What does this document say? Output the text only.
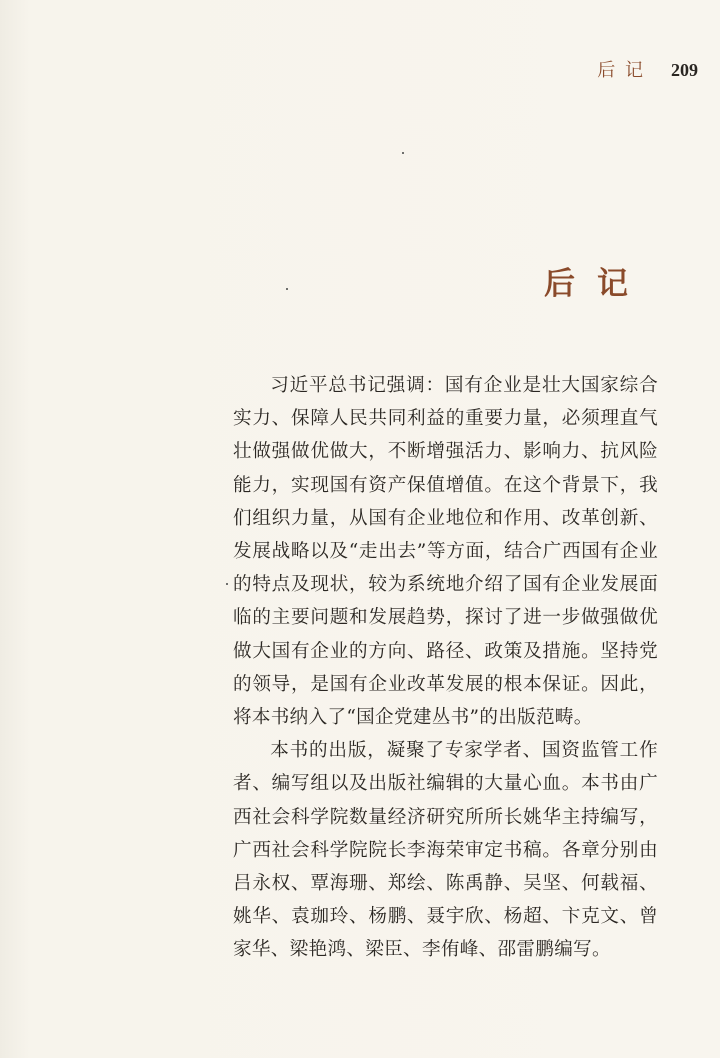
后 记 209
后记

习近平总书记强调：国有企业是壮大国家综合实力、保障人民共同利益的重要力量，必须理直气壮做强做优做大，不断增强活力、影响力、抗风险能力，实现国有资产保值增值。在这个背景下，我们组织力量，从国有企业地位和作用、改革创新、发展战略以及“走出去”等方面，结合广西国有企业的特点及现状，较为系统地介绍了国有企业发展面临的主要问题和发展趋势，探讨了进一步做强做优做大国有企业的方向、路径、政策及措施。坚持党的领导，是国有企业改革发展的根本保证。因此，将本书纳入了“国企党建丛书”的出版范畴。

本书的出版，凝聚了专家学者、国资监管工作者、编写组以及出版社编辑的大量心血。本书由广西社会科学院数量经济研究所所长姚华主持编写，广西社会科学院院长李海荣审定书稿。各章分别由吕永权、覃海珊、郑绘、陈禹静、吴坚、何载福、姚华、袁珈玲、杨鹏、聂宇欣、杨超、卞克文、曾家华、梁艳鸿、梁臣、李侑峰、邵雷鹏编写。
